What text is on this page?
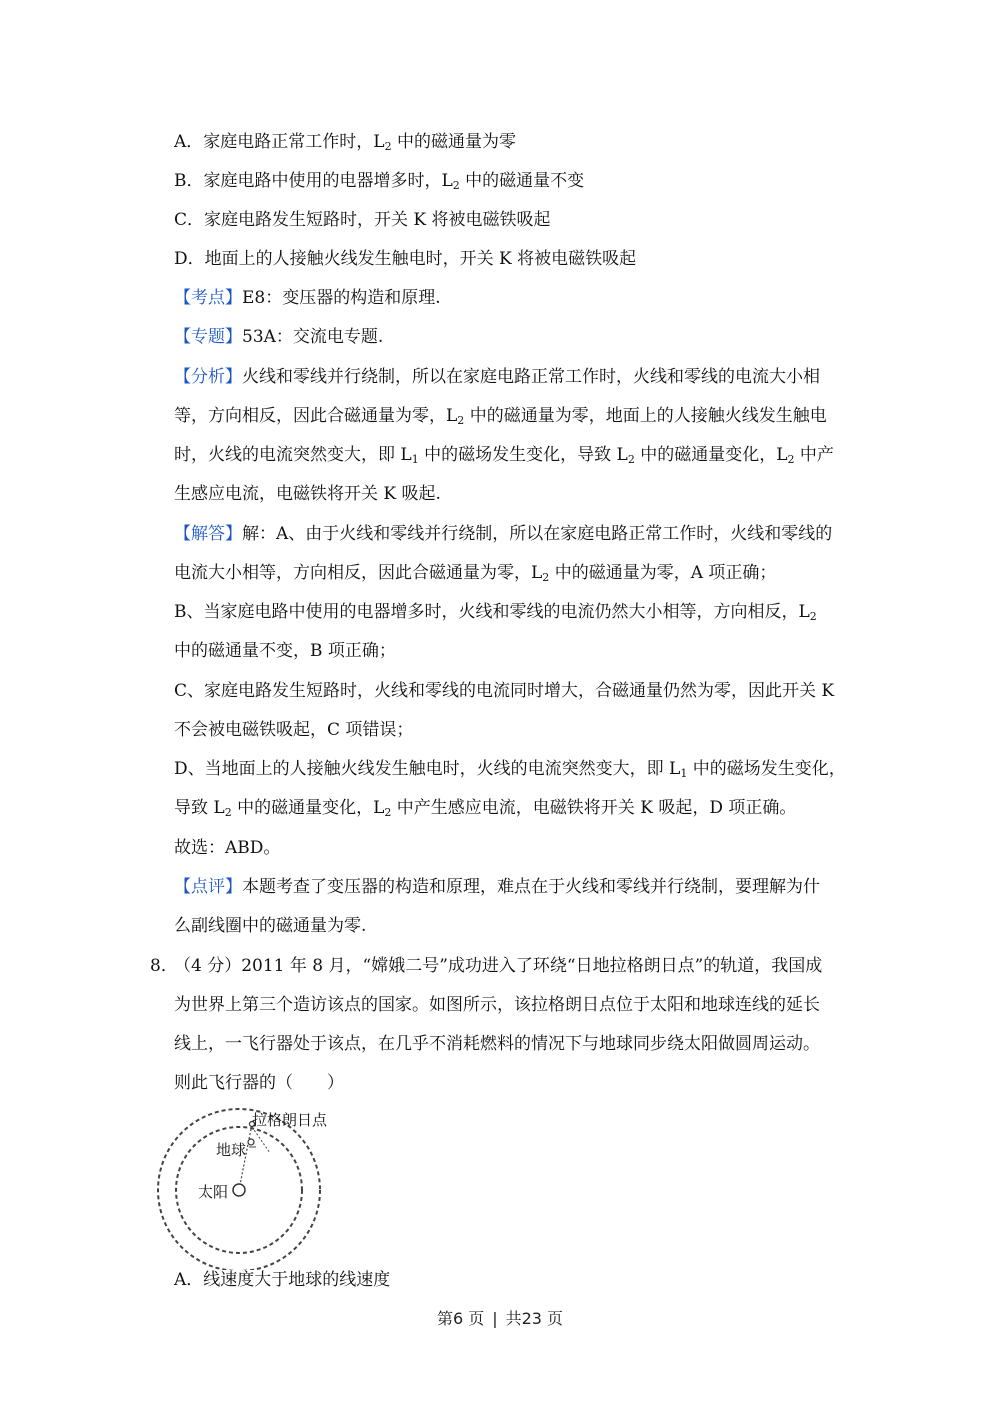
A．家庭电路正常工作时，$L_2$ 中的磁通量为零
B．家庭电路中使用的电器增多时，$L_2$ 中的磁通量不变
C．家庭电路发生短路时，开关 K 将被电磁铁吸起
D．地面上的人接触火线发生触电时，开关 K 将被电磁铁吸起
【考点】E8：变压器的构造和原理.
【专题】53A：交流电专题.
【分析】火线和零线并行绕制，所以在家庭电路正常工作时，火线和零线的电流大小相
等，方向相反，因此合磁通量为零，$L_2$ 中的磁通量为零，地面上的人接触火线发生触电
时，火线的电流突然变大，即 $L_1$ 中的磁场发生变化，导致 $L_2$ 中的磁通量变化，$L_2$ 中产
生感应电流，电磁铁将开关 K 吸起.
【解答】解：A、由于火线和零线并行绕制，所以在家庭电路正常工作时，火线和零线的
电流大小相等，方向相反，因此合磁通量为零，$L_2$ 中的磁通量为零，A 项正确；
B、当家庭电路中使用的电器增多时，火线和零线的电流仍然大小相等，方向相反，$L_2$
中的磁通量不变，B 项正确；
C、家庭电路发生短路时，火线和零线的电流同时增大，合磁通量仍然为零，因此开关 K
不会被电磁铁吸起，C 项错误；
D、当地面上的人接触火线发生触电时，火线的电流突然变大，即 $L_1$ 中的磁场发生变化，
导致 $L_2$ 中的磁通量变化，$L_2$ 中产生感应电流，电磁铁将开关 K 吸起，D 项正确。
故选：ABD。
【点评】本题考查了变压器的构造和原理，难点在于火线和零线并行绕制，要理解为什
么副线圈中的磁通量为零.
8．
（4 分）2011 年 8 月，“嫦娥二号”成功进入了环绕“日地拉格朗日点”的轨道，我国成
为世界上第三个造访该点的国家。如图所示，该拉格朗日点位于太阳和地球连线的延长
线上，一飞行器处于该点，在几乎不消耗燃料的情况下与地球同步绕太阳做圆周运动。
则此飞行器的（　　）
拉格朗日点
地球
太阳
A．线速度大于地球的线速度
第6 页 | 共23 页
